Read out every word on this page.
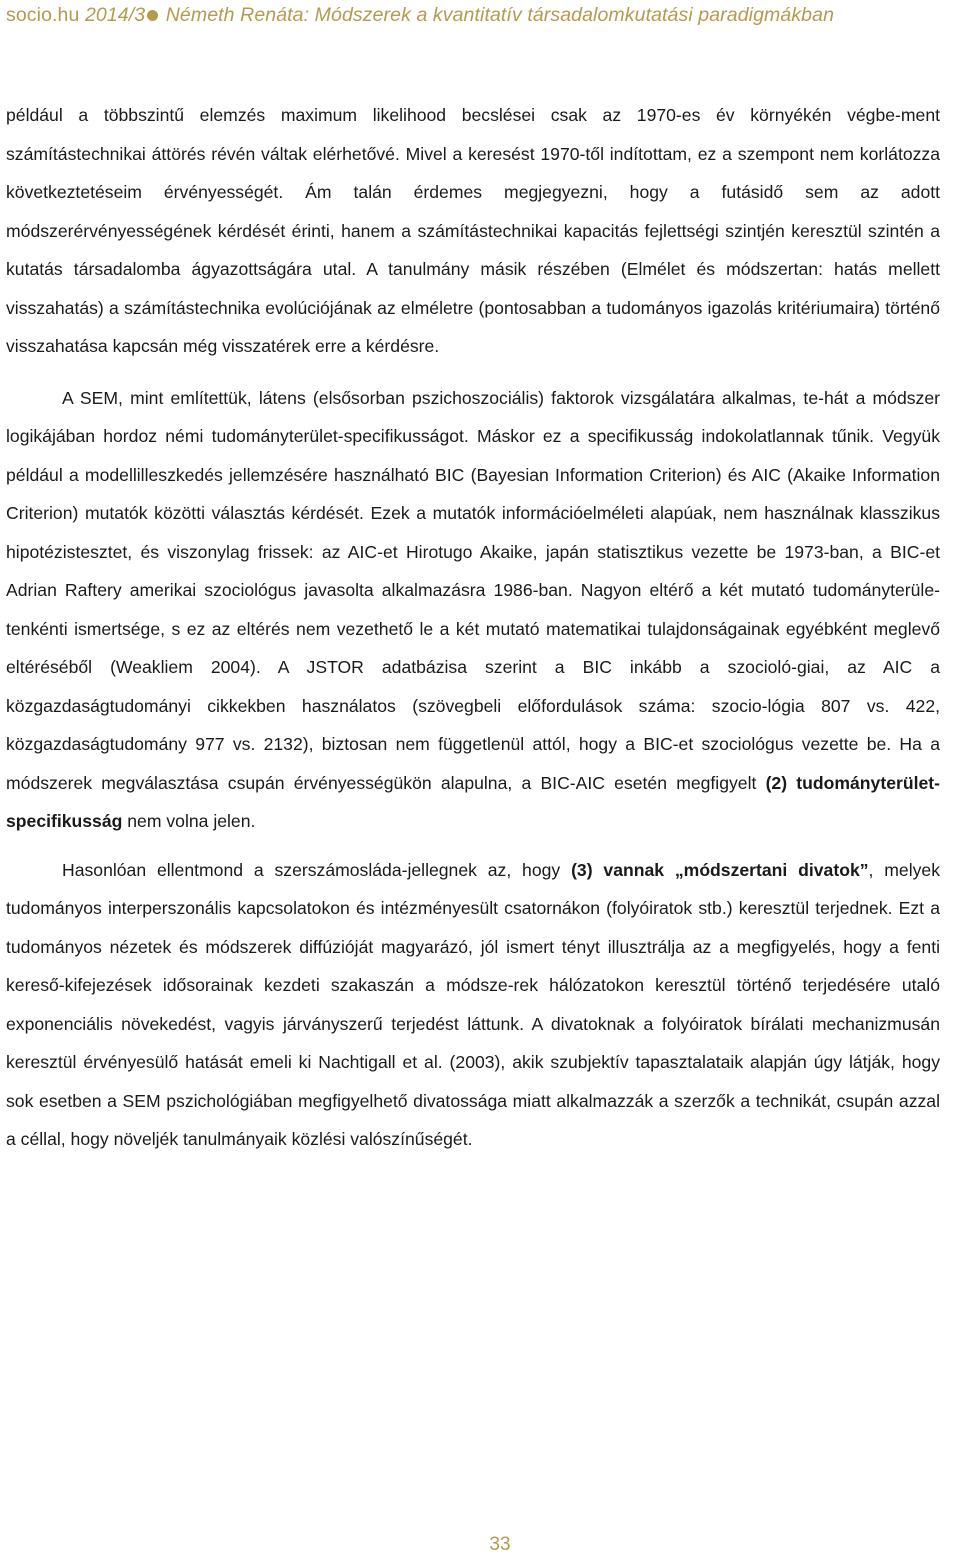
socio.hu 2014/3 Németh Renáta: Módszerek a kvantitatív társadalomkutatási paradigmákban

például a többszintű elemzés maximum likelihood becslései csak az 1970-es év környékén végbe-ment számítástechnikai áttörés révén váltak elérhetővé. Mivel a keresést 1970-től indítottam, ez a szempont nem korlátozza következtetéseim érvényességét. Ám talán érdemes megjegyezni, hogy a futásidő sem az adott módszerérvényességének kérdését érinti, hanem a számítástechnikai kapacitás fejlettségi szintjén keresztül szintén a kutatás társadalomba ágyazottságára utal. A tanulmány másik részében (Elmélet és módszertan: hatás mellett visszahatás) a számítástechnika evolúciójának az elméletre (pontosabban a tudományos igazolás kritériumaira) történő visszahatása kapcsán még visszatérek erre a kérdésre.

A SEM, mint említettük, látens (elsősorban pszichoszociális) faktorok vizsgálatára alkalmas, te-hát a módszer logikájában hordoz némi tudományterület-specifikusságot. Máskor ez a specifikusság indokolatlannak tűnik. Vegyük például a modellilleszkedés jellemzésére használható BIC (Bayesian Information Criterion) és AIC (Akaike Information Criterion) mutatók közötti választás kérdését. Ezek a mutatók információelméleti alapúak, nem használnak klasszikus hipotézistesztet, és viszonylag frissek: az AIC-et Hirotugo Akaike, japán statisztikus vezette be 1973-ban, a BIC-et Adrian Raftery amerikai szociológus javasolta alkalmazásra 1986-ban. Nagyon eltérő a két mutató tudományterüle-tenkénti ismertsége, s ez az eltérés nem vezethető le a két mutató matematikai tulajdonságainak egyébként meglevő eltéréséből (Weakliem 2004). A JSTOR adatbázisa szerint a BIC inkább a szocioló-giai, az AIC a közgazdaságtudományi cikkekben használatos (szövegbeli előfordulások száma: szocio-lógia 807 vs. 422, közgazdaságtudomány 977 vs. 2132), biztosan nem függetlenül attól, hogy a BIC-et szociológus vezette be. Ha a módszerek megválasztása csupán érvényességükön alapulna, a BIC-AIC esetén megfigyelt (2) tudományterület-specifikusság nem volna jelen.

Hasonlóan ellentmond a szerszámosláda-jellegnek az, hogy (3) vannak „módszertani divatok”, melyek tudományos interperszonális kapcsolatokon és intézményesült csatornákon (folyóiratok stb.) keresztül terjednek. Ezt a tudományos nézetek és módszerek diffúzióját magyarázó, jól ismert tényt illusztrálja az a megfigyelés, hogy a fenti kereső-kifejezések idősorainak kezdeti szakaszán a módsze-rek hálózatokon keresztül történő terjedésére utaló exponenciális növekedést, vagyis járványszerű terjedést láttunk. A divatoknak a folyóiratok bírálati mechanizmusán keresztül érvényesülő hatását emeli ki Nachtigall et al. (2003), akik szubjektív tapasztalataik alapján úgy látják, hogy sok esetben a SEM pszichológiában megfigyelhető divatossága miatt alkalmazzák a szerzők a technikát, csupán azzal a céllal, hogy növeljék tanulmányaik közlési valószínűségét.

33
